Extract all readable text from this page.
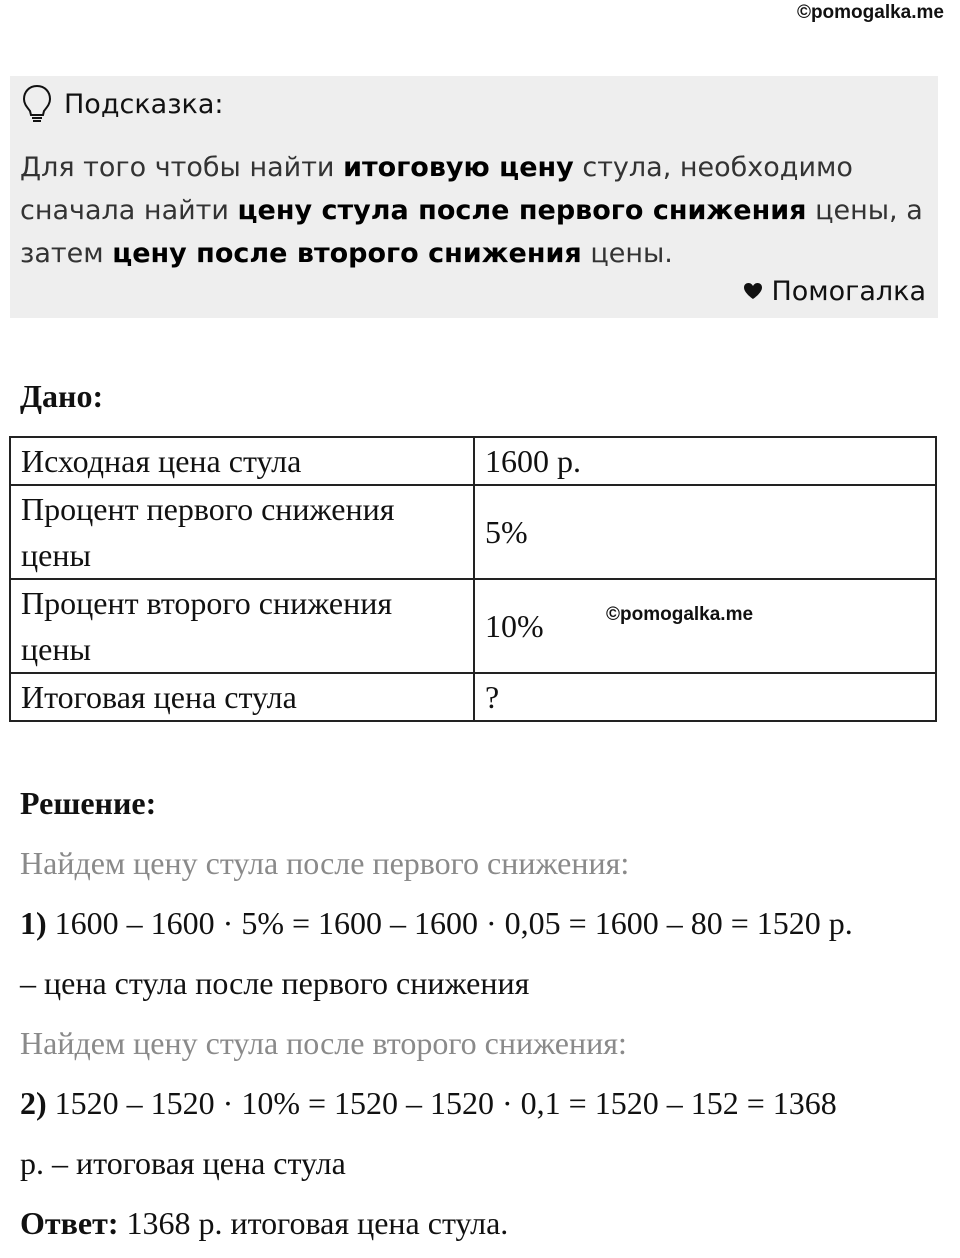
©pomogalka.me
Подсказка:
Для того чтобы найти итоговую цену стула, необходимо сначала найти цену стула после первого снижения цены, а затем цену после второго снижения цены.
Помогалка
Дано:
Исходная цена стула	1600 р.
Процент первого снижения цены	5%
Процент второго снижения цены	10%
Итоговая цена стула	?
©pomogalka.me
Решение:
Найдем цену стула после первого снижения:
1) 1600 – 1600 · 5% = 1600 – 1600 · 0,05 = 1600 – 80 = 1520 р.
– цена стула после первого снижения
Найдем цену стула после второго снижения:
2) 1520 – 1520 · 10% = 1520 – 1520 · 0,1 = 1520 – 152 = 1368
р. – итоговая цена стула
Ответ: 1368 р. итоговая цена стула.
